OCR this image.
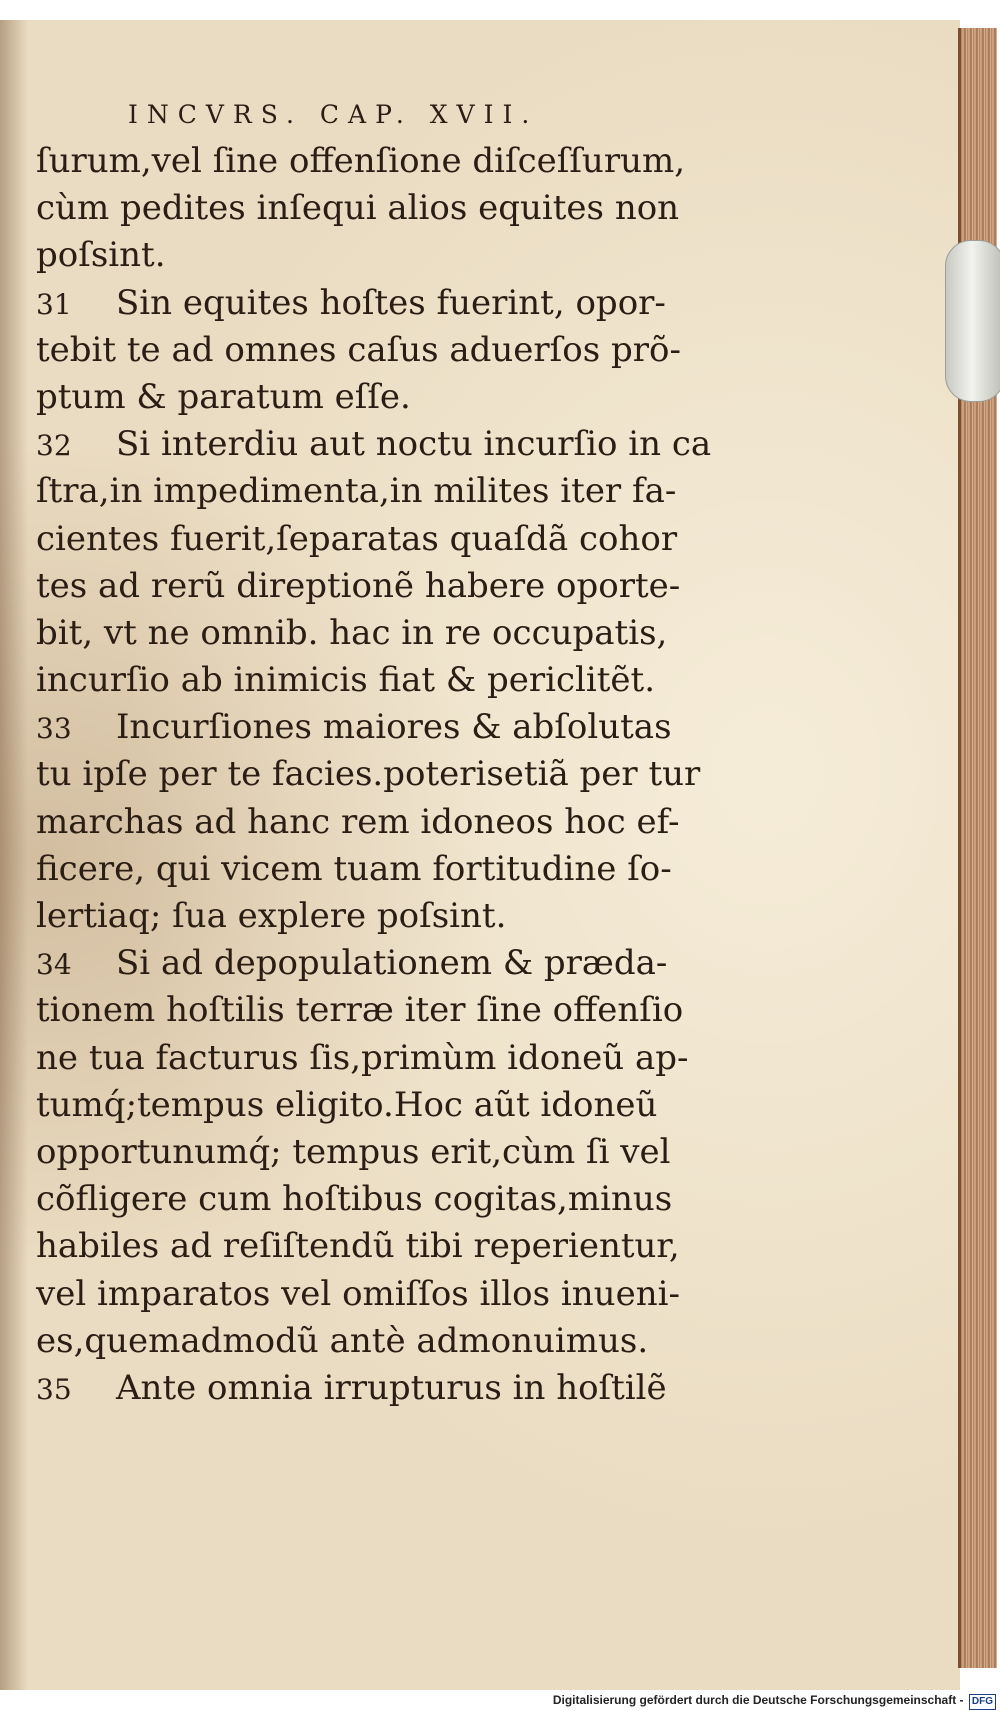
INCVRS. CAP. XVII.
ſurum,vel ſine offenſione diſceſſurum,
cùm pedites inſequi alios equites non
poſsint.
31 Sin equites hoſtes fuerint, opor-
tebit te ad omnes caſus aduerſos prõ-
ptum & paratum eſſe.
32 Si interdiu aut noctu incurſio in ca
ſtra,in impedimenta,in milites iter fa-
cientes fuerit,ſeparatas quaſdã cohor
tes ad rerũ direptionẽ habere oporte-
bit, vt ne omnib. hac in re occupatis,
incurſio ab inimicis fiat & periclitẽt.
33 Incurſiones maiores & abſolutas
tu ipſe per te facies.poterisetiã per tur
marchas ad hanc rem idoneos hoc ef-
ficere, qui vicem tuam fortitudine ſo-
lertiaq; ſua explere poſsint.
34 Si ad depopulationem & prædа-
tionem hoſtilis terræ iter ſine offenſio
ne tua facturus ſis,primùm idoneũ ap-
tumq́;tempus eligito.Hoc aũt idoneũ
opportunumq́; tempus erit,cùm ſi vel
cõfligere cum hoſtibus cogitas,minus
habiles ad reſiſtendũ tibi reperientur,
vel imparatos vel omiſſos illos inueni-
es,quemadmodũ antè admonuimus.
35 Ante omnia irrupturus in hoſtilẽ
Digitalisierung gefördert durch die Deutsche Forschungsgemeinschaft - DFG
